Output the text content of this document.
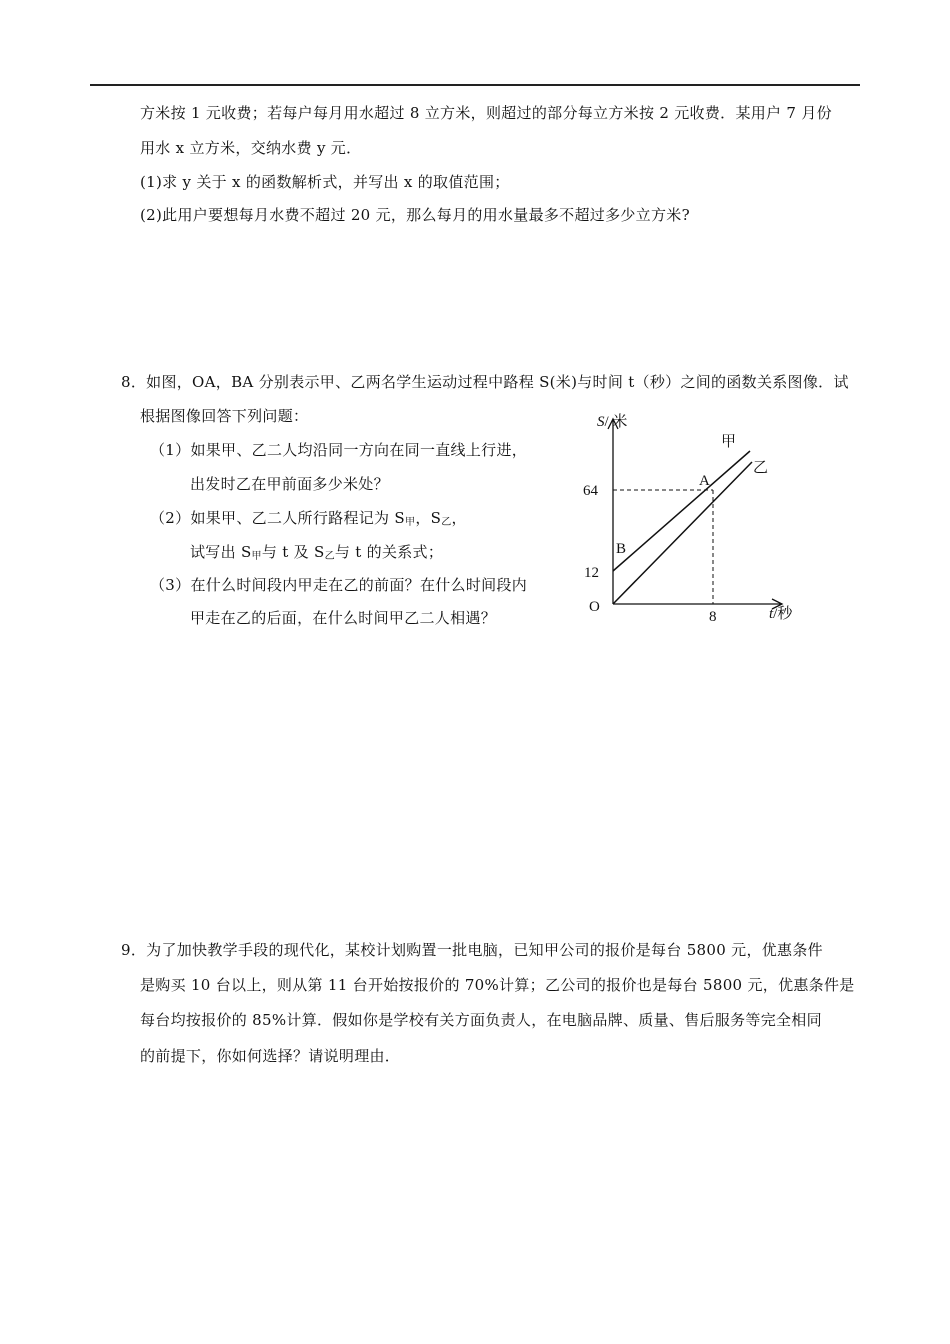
方米按 1 元收费；若每户每月用水超过 8 立方米，则超过的部分每立方米按 2 元收费．某用户 7 月份
用水 x 立方米，交纳水费 y 元．
(1)求 y 关于 x 的函数解析式，并写出 x 的取值范围；
(2)此用户要想每月水费不超过 20 元，那么每月的用水量最多不超过多少立方米?
8．如图，OA，BA 分别表示甲、乙两名学生运动过程中路程 S(米)与时间 t（秒）之间的函数关系图像．试
根据图像回答下列问题：
（1）如果甲、乙二人均沿同一方向在同一直线上行进，
出发时乙在甲前面多少米处？
（2）如果甲、乙二人所行路程记为 $S_甲$，$S_乙$，
试写出 $S_甲$与 t 及 $S_乙$与 t 的关系式；
（3）在什么时间段内甲走在乙的前面？在什么时间段内
甲走在乙的后面，在什么时间甲乙二人相遇？
S/ 米
t/秒
O
64
12
8
A
B
甲
乙
9．为了加快教学手段的现代化，某校计划购置一批电脑，已知甲公司的报价是每台 5800 元，优惠条件
是购买 10 台以上，则从第 11 台开始按报价的 70%计算；乙公司的报价也是每台 5800 元，优惠条件是
每台均按报价的 85%计算．假如你是学校有关方面负责人，在电脑品牌、质量、售后服务等完全相同
的前提下，你如何选择？请说明理由．
